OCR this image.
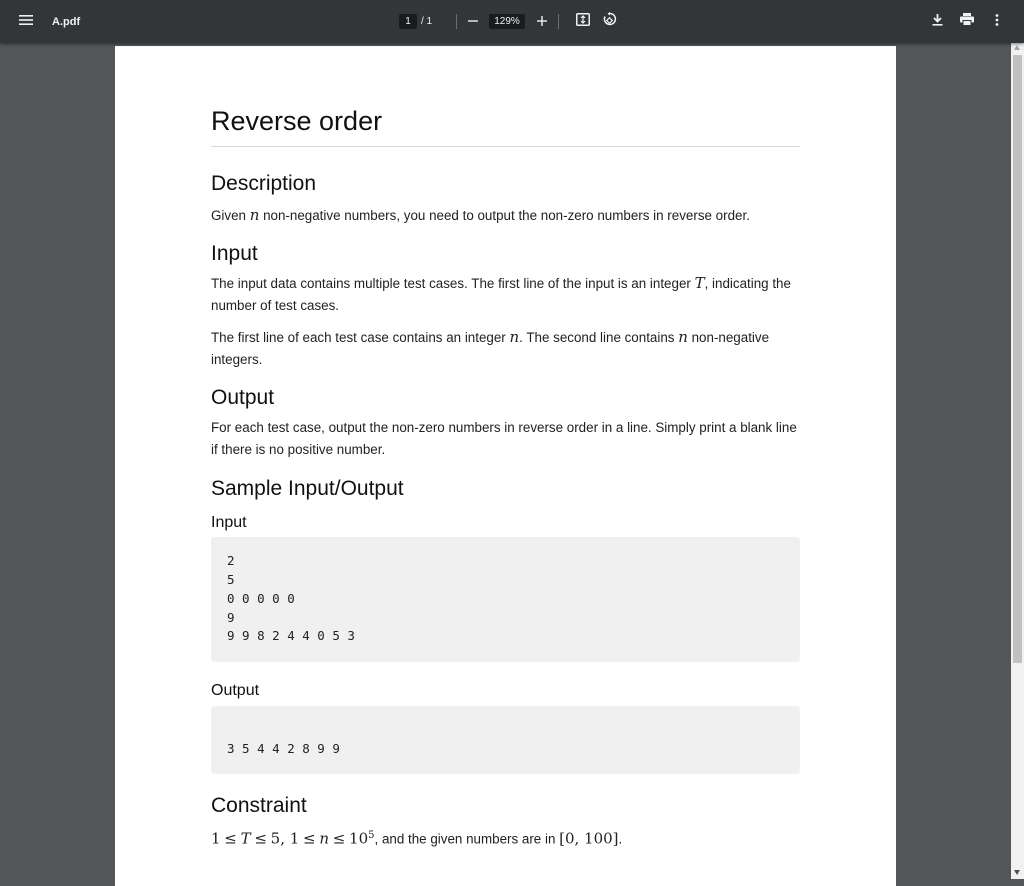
A.pdf	1	/ 1	129%
Reverse order
Description

Given n non-negative numbers, you need to output the non-zero numbers in reverse order.

Input

The input data contains multiple test cases. The first line of the input is an integer T, indicating the number of test cases.

The first line of each test case contains an integer n. The second line contains n non-negative integers.

Output

For each test case, output the non-zero numbers in reverse order in a line. Simply print a blank line if there is no positive number.

Sample Input/Output
Input
2
5
0 0 0 0 0
9
9 9 8 2 4 4 0 5 3
Output
3 5 4 4 2 8 9 9
Constraint

1 ≤ T ≤ 5, $1 \le n \le 10^5$, and the given numbers are in [0, 100].
